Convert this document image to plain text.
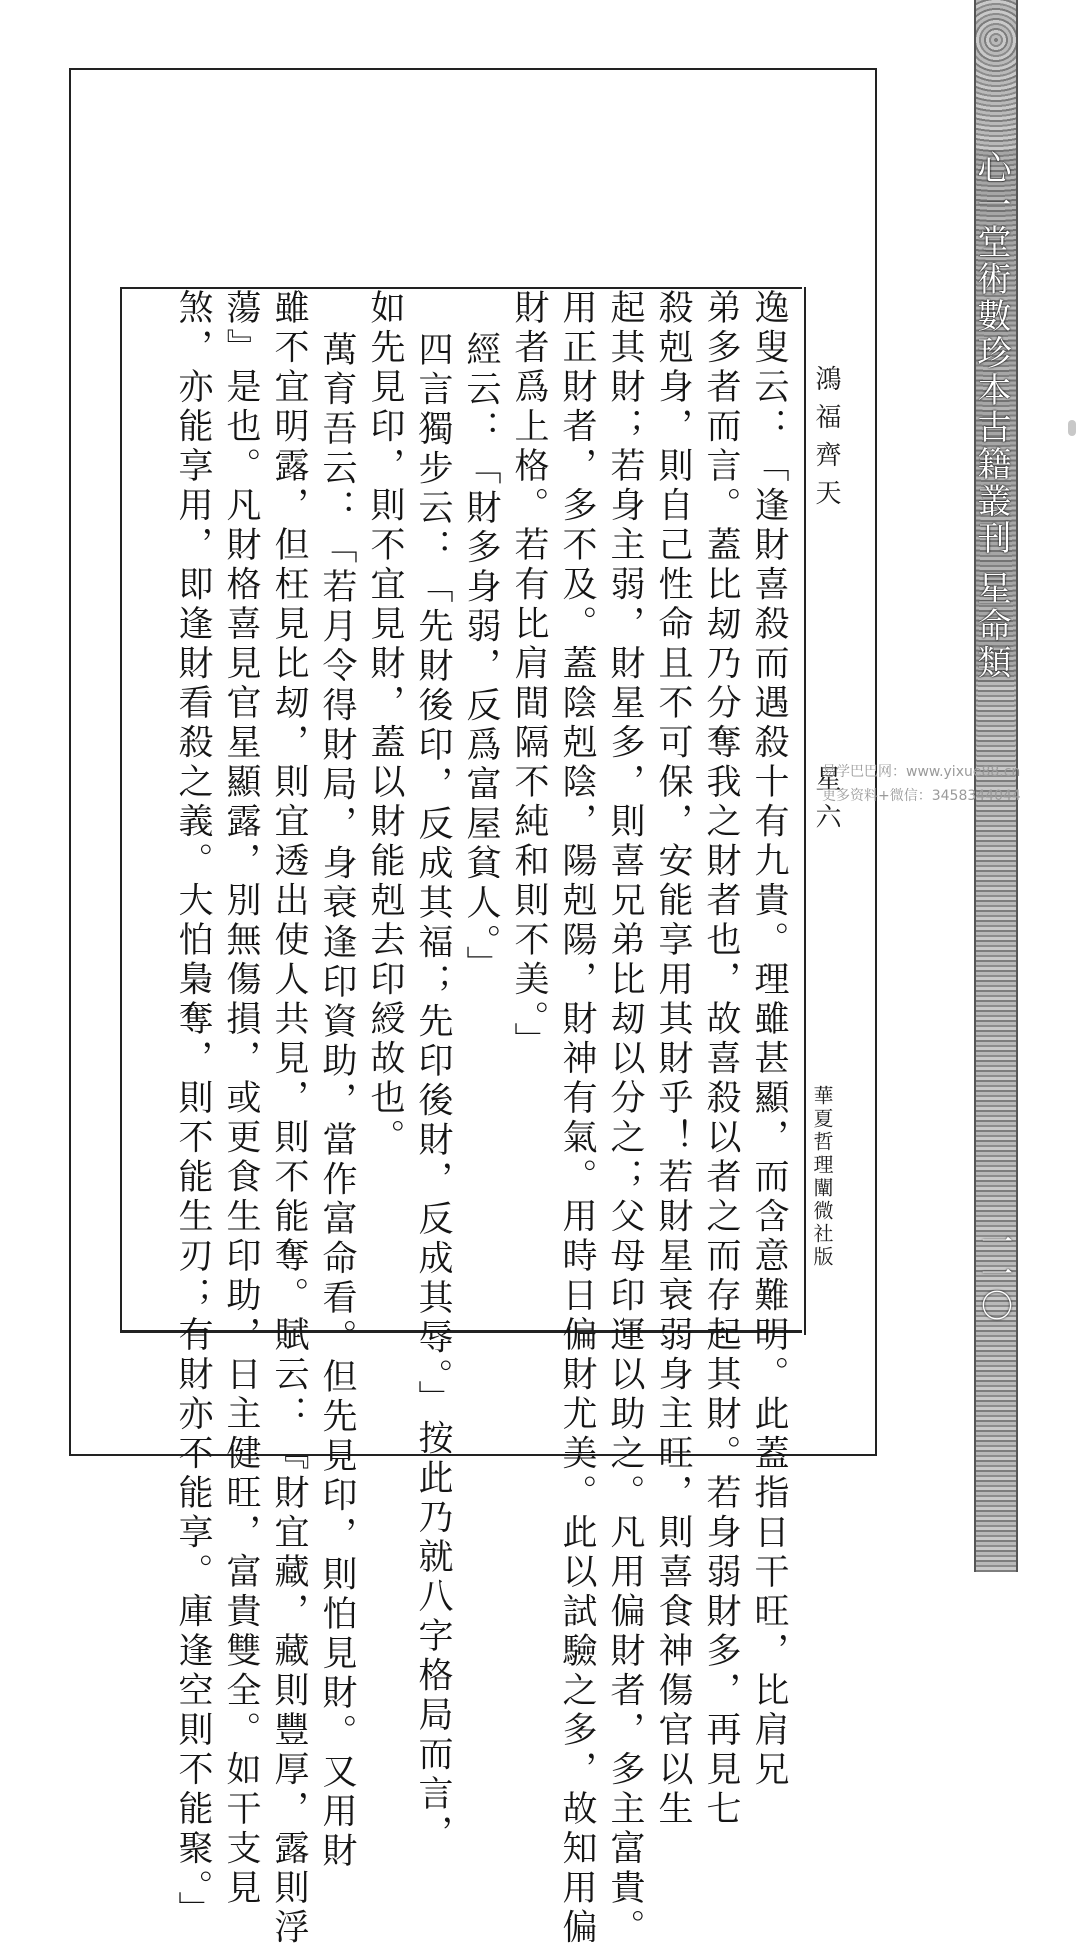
逸叟云：「逢財喜殺而遇殺十有九貴。理雖甚顯，而含意難明。此蓋指日干旺，比肩兄
弟多者而言。蓋比刼乃分奪我之財者也，故喜殺以者之而存起其財。若身弱財多，再見七
殺剋身，則自己性命且不可保，安能享用其財乎！若財星衰弱身主旺，則喜食神傷官以生
起其財；若身主弱，財星多，則喜兄弟比刼以分之；父母印運以助之。凡用偏財者，多主富貴。
用正財者，多不及。蓋陰剋陰，陽剋陽，財神有氣。用時日偏財尤美。此以試驗之多，故知用偏
財者爲上格。若有比肩間隔不純和則不美。」
經云：「財多身弱，反爲富屋貧人。」
四言獨步云：「先財後印，反成其福；先印後財，反成其辱。」按此乃就八字格局而言，
如先見印，則不宜見財，蓋以財能剋去印綬故也。
萬育吾云：「若月令得財局，身衰逢印資助，當作富命看。但先見印，則怕見財。又用財
雖不宜明露，但枉見比刼，則宜透出使人共見，則不能奪。賦云：『財宜藏，藏則豐厚，露則浮
蕩』是也。凡財格喜見官星顯露，別無傷損，或更食生印助，日主健旺，富貴雙全。如干支見
煞，亦能享用，即逢財看殺之義。大怕梟奪，則不能生刃；有財亦不能享。庫逢空則不能聚。」	鴻福齊天
星六
華夏哲理闡微社版
心一堂術數珍本古籍叢刊 星命類
一一〇
易学巴巴网：www.yixue88.cn
更多资料+微信：3458344044
